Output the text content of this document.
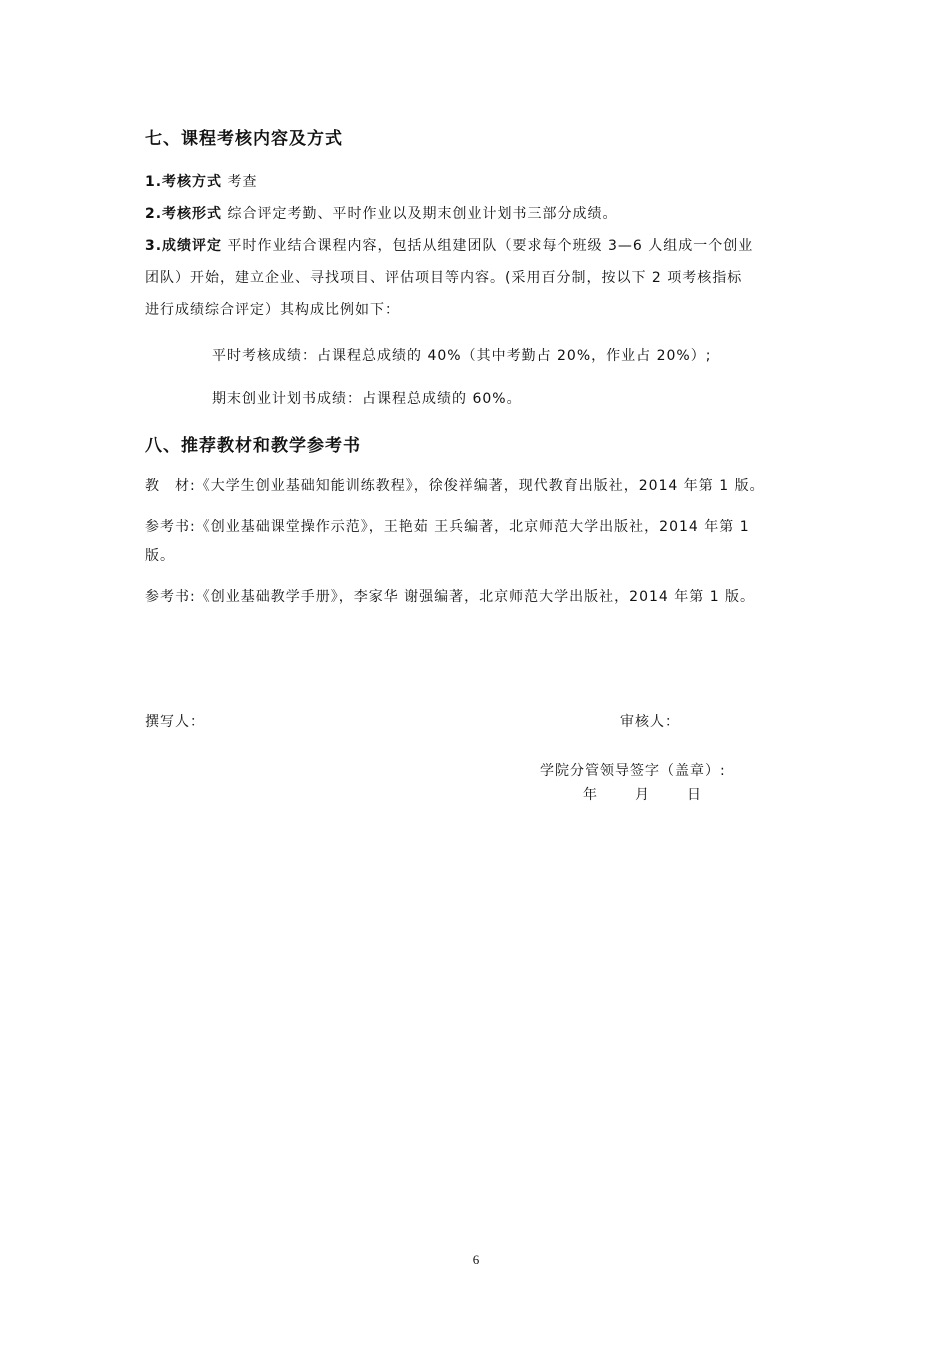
七、课程考核内容及方式
1.考核方式 考查
2.考核形式 综合评定考勤、平时作业以及期末创业计划书三部分成绩。
3.成绩评定 平时作业结合课程内容，包括从组建团队（要求每个班级 3—6 人组成一个创业
团队）开始，建立企业、寻找项目、评估项目等内容。(采用百分制，按以下 2 项考核指标
进行成绩综合评定）其构成比例如下：
平时考核成绩：占课程总成绩的 40%（其中考勤占 20%，作业占 20%）;
期末创业计划书成绩：占课程总成绩的 60%。
八、推荐教材和教学参考书
教　材:《大学生创业基础知能训练教程》，徐俊祥编著，现代教育出版社，2014 年第 1 版。
参考书:《创业基础课堂操作示范》，王艳茹 王兵编著，北京师范大学出版社，2014 年第 1
版。
参考书:《创业基础教学手册》，李家华 谢强编著，北京师范大学出版社，2014 年第 1 版。
撰写人：	审核人：
学院分管领导签字（盖章）:
年	月	日
6
